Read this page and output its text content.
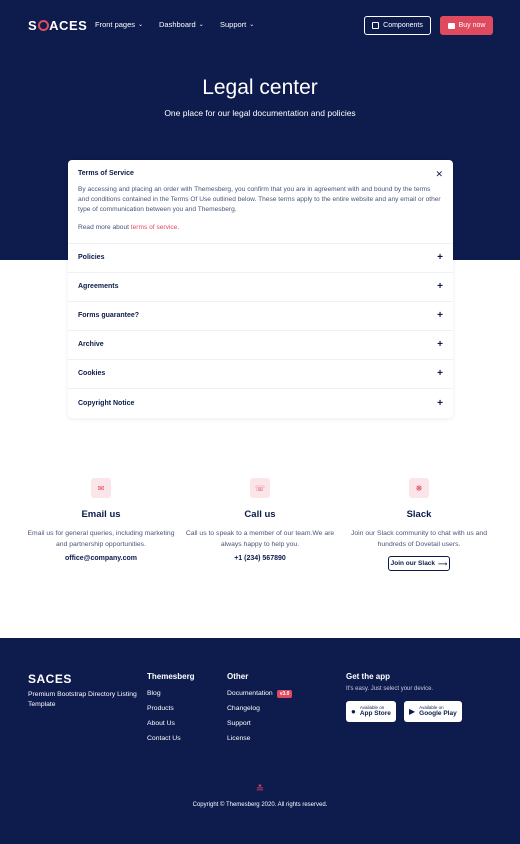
S ACES Front pages ⌄ Dashboard ⌄ Support ⌄	Components	Buy now
Legal center
One place for our legal documentation and policies
Terms of Service	✕
By accessing and placing an order with Themesberg, you confirm that you are in agreement with and bound by the terms and conditions contained in the Terms Of Use outlined below. These terms apply to the entire website and any email or other type of communication between you and Themesberg.
Read more about terms of service.
Policies	+
Agreements	+
Forms guarantee?	+
Archive	+
Cookies	+
Copyright Notice	+
✉
Email us
Email us for general queries, including marketing and partnership opportunities.
office@company.com
☏
Call us
Call us to speak to a member of our team.We are always happy to help you.
+1 (234) 567890
❋
Slack
Join our Slack community to chat with us and hundreds of Dovetail users.
Join our Slack ⟶
S ACES
Premium Bootstrap Directory Listing Template
Themesberg
Blog
Products
About Us
Contact Us
Other
Documentation	v3.0
Changelog
Support
License
Get the app
It's easy. Just select your device.
● Available on
App Store ▶ Available on
Google Play
≛
Copyright © Themesberg 2020. All rights reserved.
